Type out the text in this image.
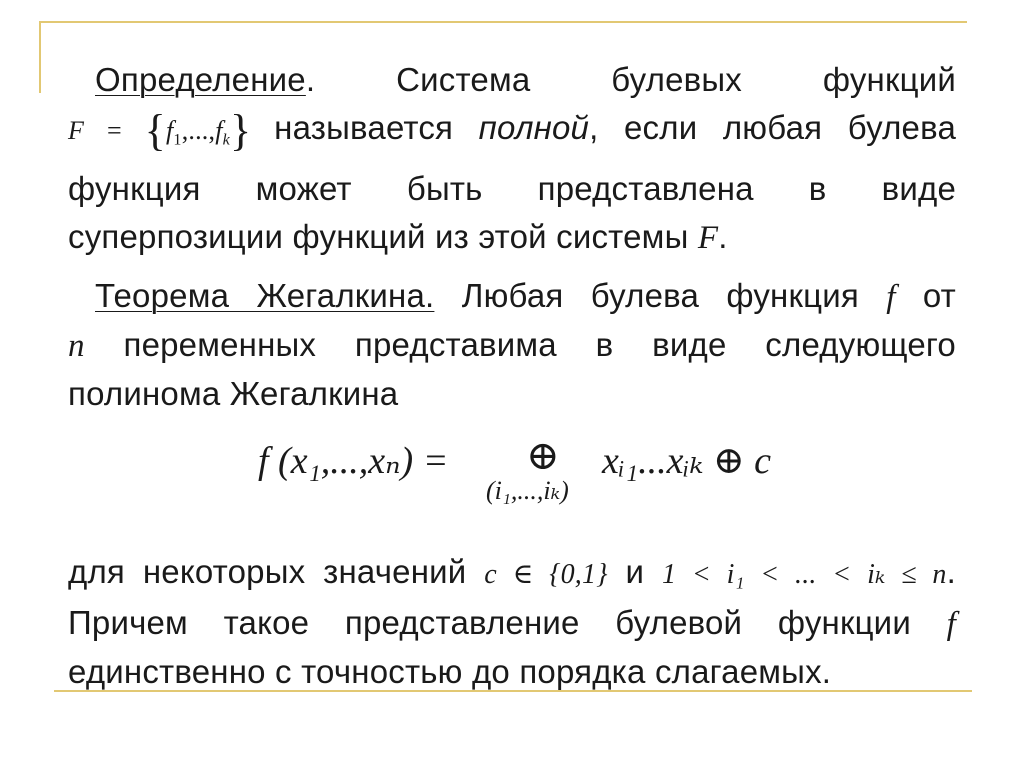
Определение. Система булевых функций
$F = \{f_1,...,f_k\}$ называется полной, если любая булева
функция может быть представлена в виде
суперпозиции функций из этой системы F.
Теорема Жегалкина. Любая булева функция f от
n переменных представима в виде следующего
полинома Жегалкина
f (x₁,...,xₙ) = ⊕
(i₁,...,iₖ)
xᵢ₁...xᵢₖ ⊕ c
для некоторых значений c ∈ {0,1} и 1 < i₁ < ... < iₖ ≤ n.
Причем такое представление булевой функции f
единственно с точностью до порядка слагаемых.
